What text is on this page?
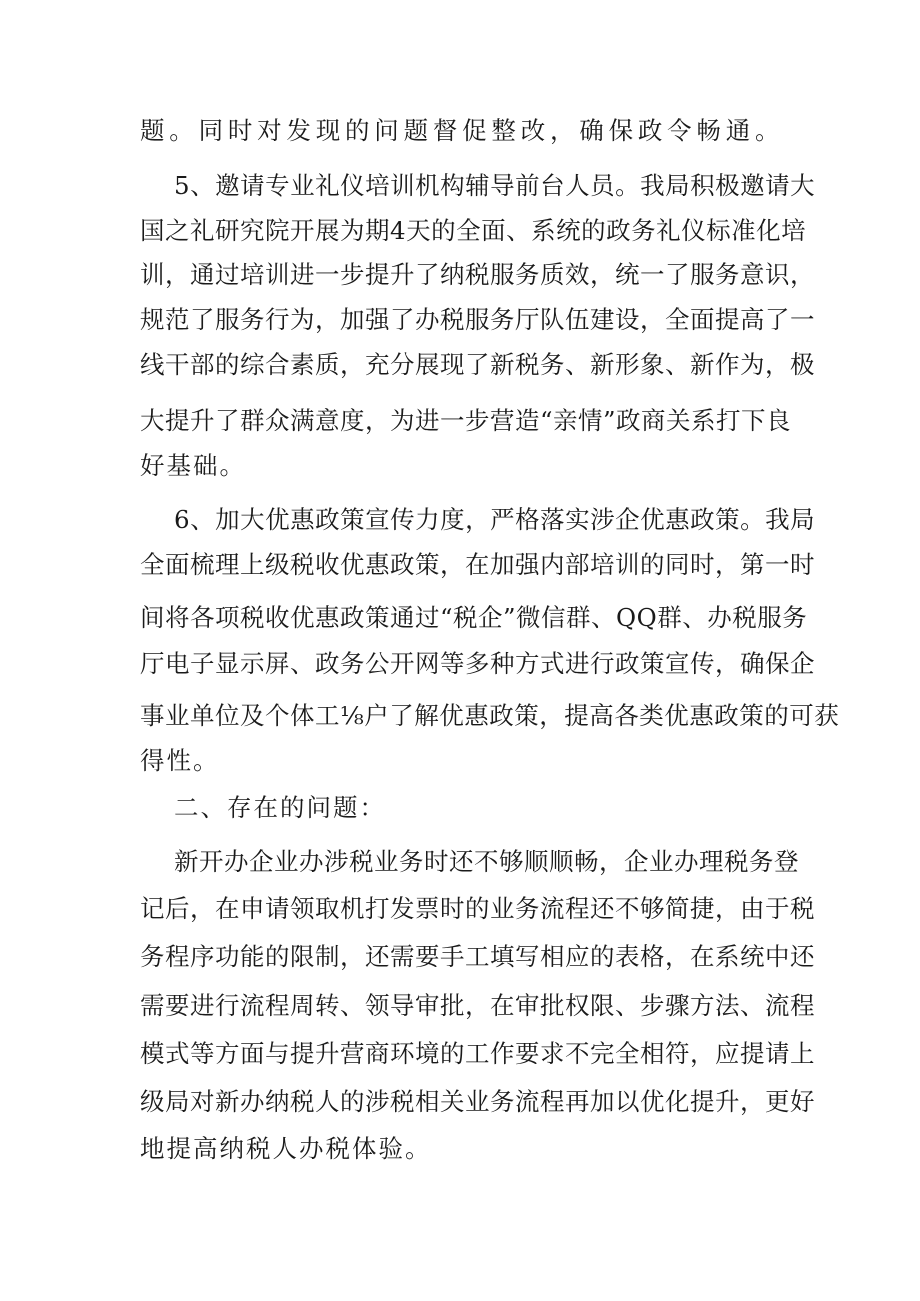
题。同时对发现的问题督促整改，确保政令畅通。
5、邀请专业礼仪培训机构辅导前台人员。我局积极邀请大
国之礼研究院开展为期4天的全面、系统的政务礼仪标准化培
训，通过培训进一步提升了纳税服务质效，统一了服务意识，
规范了服务行为，加强了办税服务厅队伍建设，全面提高了一
线干部的综合素质，充分展现了新税务、新形象、新作为，极
大提升了群众满意度，为进一步营造“亲情”政商关系打下良
好基础。
6、加大优惠政策宣传力度，严格落实涉企优惠政策。我局
全面梳理上级税收优惠政策，在加强内部培训的同时，第一时
间将各项税收优惠政策通过“税企”微信群、QQ群、办税服务
厅电子显示屏、政务公开网等多种方式进行政策宣传，确保企
事业单位及个体工⅛户了解优惠政策，提高各类优惠政策的可获
得性。
二、存在的问题：
新开办企业办涉税业务时还不够顺顺畅，企业办理税务登
记后，在申请领取机打发票时的业务流程还不够简捷，由于税
务程序功能的限制，还需要手工填写相应的表格，在系统中还
需要进行流程周转、领导审批，在审批权限、步骤方法、流程
模式等方面与提升营商环境的工作要求不完全相符，应提请上
级局对新办纳税人的涉税相关业务流程再加以优化提升，更好
地提高纳税人办税体验。
